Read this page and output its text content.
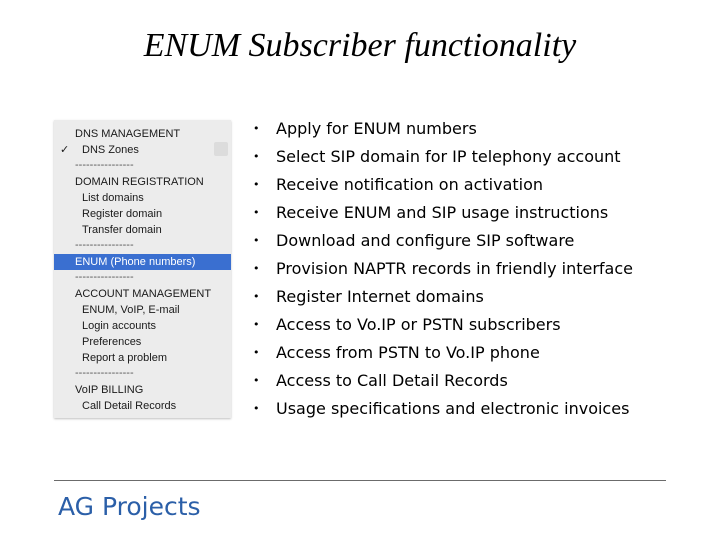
ENUM Subscriber functionality
DNS MANAGEMENT
✓ DNS Zones
----------------
DOMAIN REGISTRATION
List domains
Register domain
Transfer domain
----------------
ENUM (Phone numbers)
----------------
ACCOUNT MANAGEMENT
ENUM, VoIP, E-mail
Login accounts
Preferences
Report a problem
----------------
VoIP BILLING
Call Detail Records
• Apply for ENUM numbers
• Select SIP domain for IP telephony account
• Receive notification on activation
• Receive ENUM and SIP usage instructions
• Download and configure SIP software
• Provision NAPTR records in friendly interface
• Register Internet domains
• Access to Vo.IP or PSTN subscribers
• Access from PSTN to Vo.IP phone
• Access to Call Detail Records
• Usage specifications and electronic invoices
AG Projects
